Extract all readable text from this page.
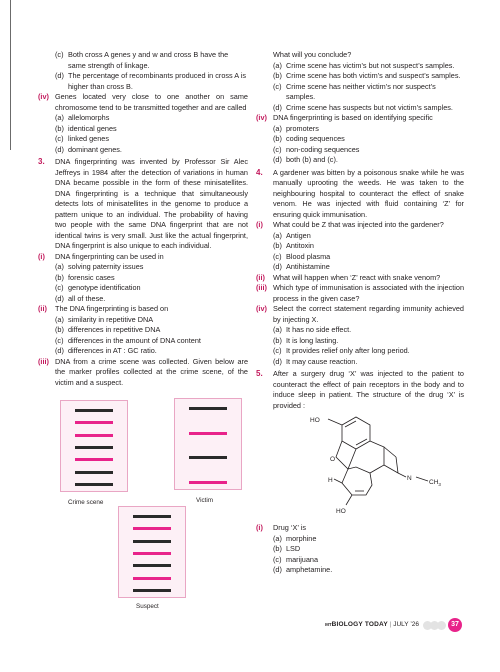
(c) Both cross A genes y and w and cross B have the same strength of linkage.
(d) The percentage of recombinants produced in cross A is higher than cross B.
(iv) Genes located very close to one another on same chromosome tend to be transmitted together and are called
(a) allelomorphs
(b) identical genes
(c) linked genes
(d) dominant genes.
3.	DNA fingerprinting was invented by Professor Sir Alec Jeffreys in 1984 after the detection of variations in human DNA became possible in the form of these minisatellites. DNA fingerprinting is a technique that simultaneously detects lots of minisatellites in the genome to produce a pattern unique to an individual. The probability of having two people with the same DNA fingerprint that are not identical twins is very small. Just like the actual fingerprint, DNA fingerprint is also unique to each individual.
(i)	DNA fingerprinting can be used in
(a) solving paternity issues
(b) forensic cases
(c) genotype identification
(d) all of these.
(ii)	The DNA fingerprinting is based on
(a) similarity in repetitive DNA
(b) differences in repetitive DNA
(c) differences in the amount of DNA content
(d) differences in AT : GC ratio.
(iii) DNA from a crime scene was collected. Given below are the marker profiles collected at the crime scene, of the victim and a suspect.
Crime scene	Victim
Suspect
What will you conclude?
(a) Crime scene has victim’s but not suspect’s samples.
(b) Crime scene has both victim’s and suspect’s samples.
(c) Crime scene has neither victim’s nor suspect’s samples.
(d) Crime scene has suspects but not victim’s samples.
(iv) DNA fingerprinting is based on identifying specific
(a) promoters
(b) coding sequences
(c) non-coding sequences
(d) both (b) and (c).
4.	A gardener was bitten by a poisonous snake while he was manually uprooting the weeds. He was taken to the neighbouring hospital to counteract the effect of snake venom. He was injected with fluid containing ‘Z’ for ensuring quick immunisation.
(i)	What could be Z that was injected into the gardener?
(a) Antigen
(b) Antitoxin
(c) Blood plasma
(d) Antihistamine
(ii)	What will happen when ‘Z’ react with snake venom?
(iii) Which type of immunisation is associated with the injection process in the given case?
(iv) Select the correct statement regarding immunity achieved by injecting X.
(a) It has no side effect.
(b) It is long lasting.
(c) It provides relief only after long period.
(d) It may cause reaction.
5.	After a surgery drug ‘X’ was injected to the patient to counteract the effect of pain receptors in the body and to induce sleep in patient. The structure of the drug ‘X’ is provided :
HO
O
H	N
$CH_3$
HO
(i)	Drug ‘X’ is
(a) morphine
(b) LSD
(c) marijuana
(d) amphetamine.
MT BIOLOGY TODAY | JULY ’26	37
